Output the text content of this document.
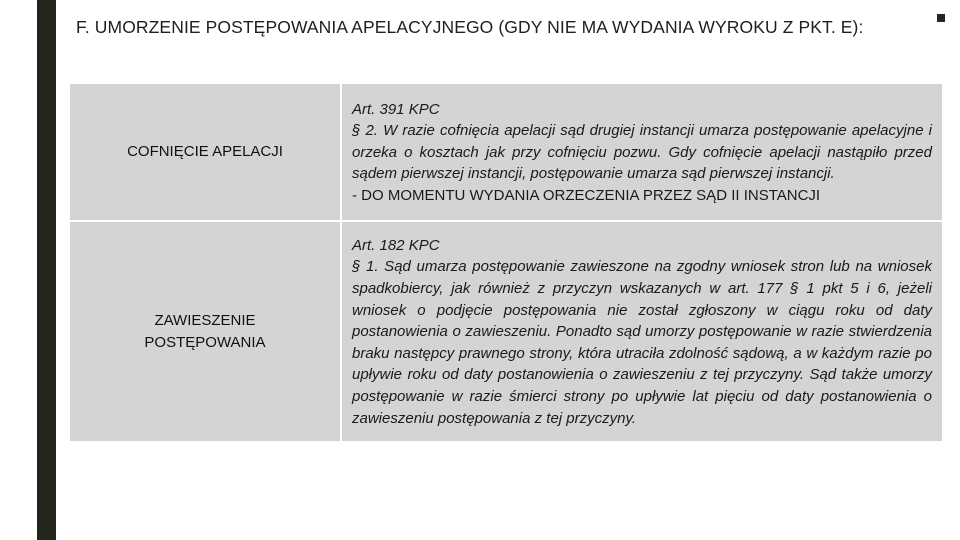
F. UMORZENIE POSTĘPOWANIA APELACYJNEGO (GDY NIE MA WYDANIA WYROKU Z PKT. E):
COFNIĘCIE APELACJI	Art. 391 KPC
§ 2. W razie cofnięcia apelacji sąd drugiej instancji umarza postępowanie apelacyjne i orzeka o kosztach jak przy cofnięciu pozwu. Gdy cofnięcie apelacji nastąpiło przed sądem pierwszej instancji, postępowanie umarza sąd pierwszej instancji.
- DO MOMENTU WYDANIA ORZECZENIA PRZEZ SĄD II INSTANCJI

ZAWIESZENIE POSTĘPOWANIA	Art. 182 KPC
§ 1. Sąd umarza postępowanie zawieszone na zgodny wniosek stron lub na wniosek spadkobiercy, jak również z przyczyn wskazanych w art. 177 § 1 pkt 5 i 6, jeżeli wniosek o podjęcie postępowania nie został zgłoszony w ciągu roku od daty postanowienia o zawieszeniu. Ponadto sąd umorzy postępowanie w razie stwierdzenia braku następcy prawnego strony, która utraciła zdolność sądową, a w każdym razie po upływie roku od daty postanowienia o zawieszeniu z tej przyczyny. Sąd także umorzy postępowanie w razie śmierci strony po upływie lat pięciu od daty postanowienia o zawieszeniu postępowania z tej przyczyny.
